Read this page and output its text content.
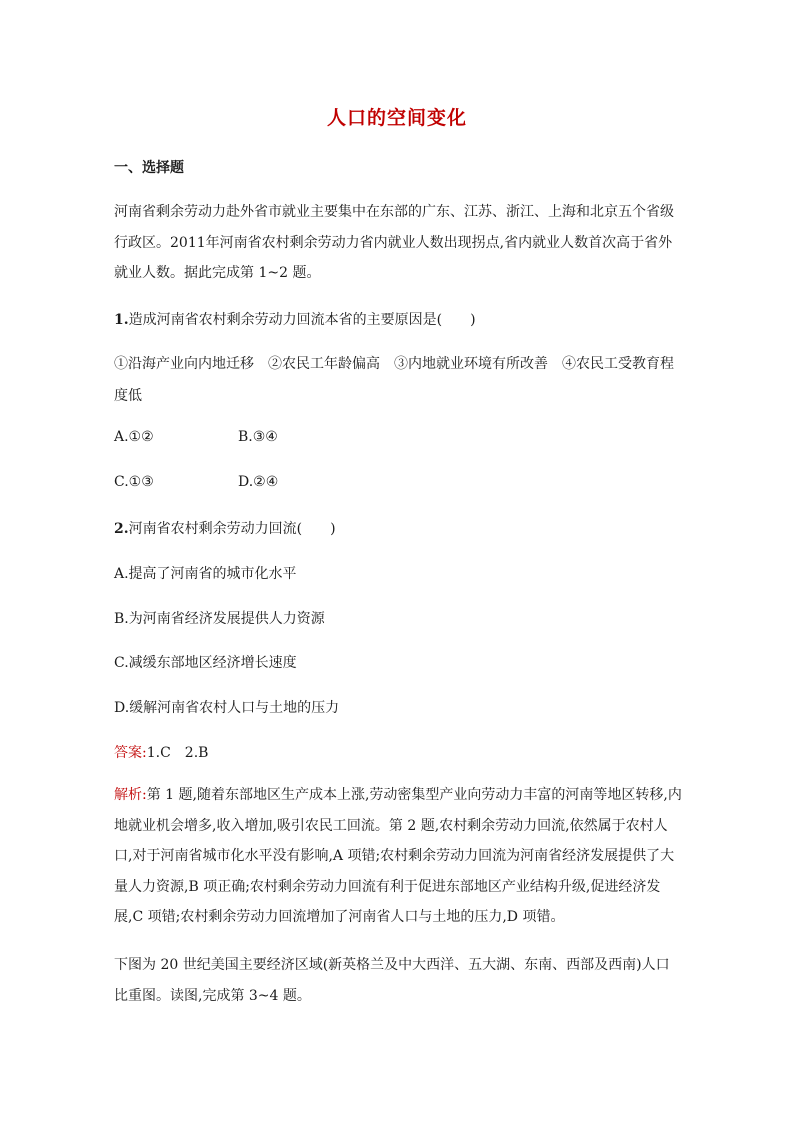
人口的空间变化
一、选择题
河南省剩余劳动力赴外省市就业主要集中在东部的广东、江苏、浙江、上海和北京五个省级行政区。2011年河南省农村剩余劳动力省内就业人数出现拐点,省内就业人数首次高于省外就业人数。据此完成第 1~2 题。
1.造成河南省农村剩余劳动力回流本省的主要原因是(　　)
①沿海产业向内地迁移　②农民工年龄偏高　③内地就业环境有所改善　④农民工受教育程
度低
A.①②	B.③④
C.①③	D.②④
2.河南省农村剩余劳动力回流(　　)
A.提高了河南省的城市化水平
B.为河南省经济发展提供人力资源
C.减缓东部地区经济增长速度
D.缓解河南省农村人口与土地的压力
答案:1.C　2.B
解析:第 1 题,随着东部地区生产成本上涨,劳动密集型产业向劳动力丰富的河南等地区转移,内地就业机会增多,收入增加,吸引农民工回流。第 2 题,农村剩余劳动力回流,依然属于农村人口,对于河南省城市化水平没有影响,A 项错;农村剩余劳动力回流为河南省经济发展提供了大量人力资源,B 项正确;农村剩余劳动力回流有利于促进东部地区产业结构升级,促进经济发展,C 项错;农村剩余劳动力回流增加了河南省人口与土地的压力,D 项错。
下图为 20 世纪美国主要经济区域(新英格兰及中大西洋、五大湖、东南、西部及西南)人口比重图。读图,完成第 3~4 题。
